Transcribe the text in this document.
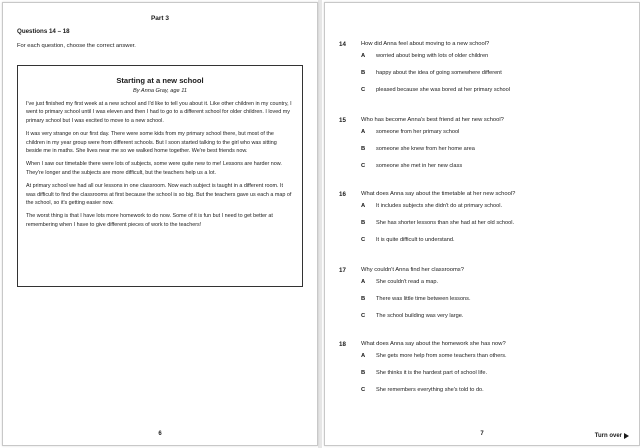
Part 3
Questions 14 – 18
For each question, choose the correct answer.
Starting at a new school
By Anna Gray, age 11

I've just finished my first week at a new school and I'd like to tell you about it. Like other children in my country, I went to primary school until I was eleven and then I had to go to a different school for older children. I loved my primary school but I was excited to move to a new school.

It was very strange on our first day. There were some kids from my primary school there, but most of the children in my year group were from different schools. But I soon started talking to the girl who was sitting beside me in maths. She lives near me so we walked home together. We're best friends now.

When I saw our timetable there were lots of subjects, some were quite new to me! Lessons are harder now. They're longer and the subjects are more difficult, but the teachers help us a lot.

At primary school we had all our lessons in one classroom. Now each subject is taught in a different room. It was difficult to find the classrooms at first because the school is so big. But the teachers gave us each a map of the school, so it's getting easier now.

The worst thing is that I have lots more homework to do now. Some of it is fun but I need to get better at remembering when I have to give different pieces of work to the teachers!

6
14	How did Anna feel about moving to a new school?
A worried about being with lots of older children
B happy about the idea of going somewhere different
C pleased because she was bored at her primary school
15	Who has become Anna's best friend at her new school?
A someone from her primary school
B someone she knew from her home area
C someone she met in her new class
16	What does Anna say about the timetable at her new school?
A It includes subjects she didn't do at primary school.
B She has shorter lessons than she had at her old school.
C It is quite difficult to understand.
17	Why couldn't Anna find her classrooms?
A She couldn't read a map.
B There was little time between lessons.
C The school building was very large.
18	What does Anna say about the homework she has now?
A She gets more help from some teachers than others.
B She thinks it is the hardest part of school life.
C She remembers everything she's told to do.
7	Turn over
